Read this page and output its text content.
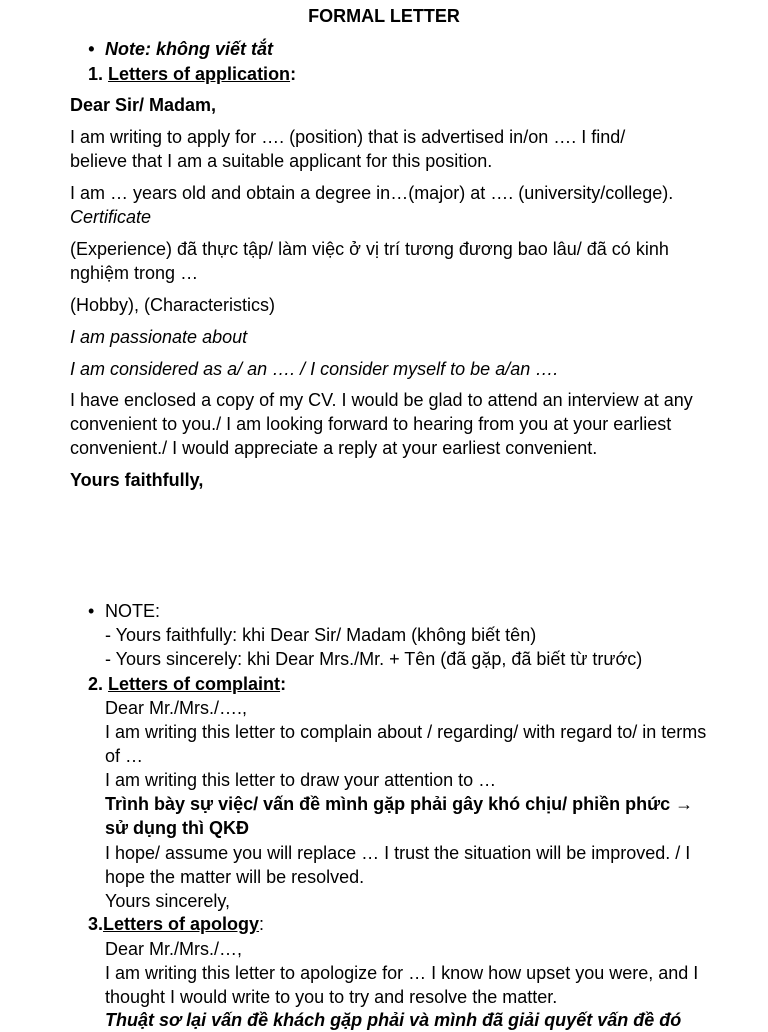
FORMAL LETTER
• Note: không viết tắt
1. Letters of application:
Dear Sir/ Madam,
I am writing to apply for …. (position) that is advertised in/on …. I find/
believe that I am a suitable applicant for this position.
I am … years old and obtain a degree in…(major) at …. (university/college).
Certificate
(Experience) đã thực tập/ làm việc ở vị trí tương đương bao lâu/ đã có kinh
nghiệm trong …
(Hobby), (Characteristics)
I am passionate about
I am considered as a/ an …. / I consider myself to be a/an ….
I have enclosed a copy of my CV. I would be glad to attend an interview at any
convenient to you./ I am looking forward to hearing from you at your earliest
convenient./ I would appreciate a reply at your earliest convenient.
Yours faithfully,
• NOTE:
- Yours faithfully: khi Dear Sir/ Madam (không biết tên)
- Yours sincerely: khi Dear Mrs./Mr. + Tên (đã gặp, đã biết từ trước)
2. Letters of complaint:
Dear Mr./Mrs./….,
I am writing this letter to complain about / regarding/ with regard to/ in terms
of …
I am writing this letter to draw your attention to …
Trình bày sự việc/ vấn đề mình gặp phải gây khó chịu/ phiền phức →
sử dụng thì QKĐ
I hope/ assume you will replace … I trust the situation will be improved. / I
hope the matter will be resolved.
Yours sincerely,
3.Letters of apology:
Dear Mr./Mrs./…,
I am writing this letter to apologize for … I know how upset you were, and I
thought I would write to you to try and resolve the matter.
Thuật sơ lại vấn đề khách gặp phải và mình đã giải quyết vấn đề đó
